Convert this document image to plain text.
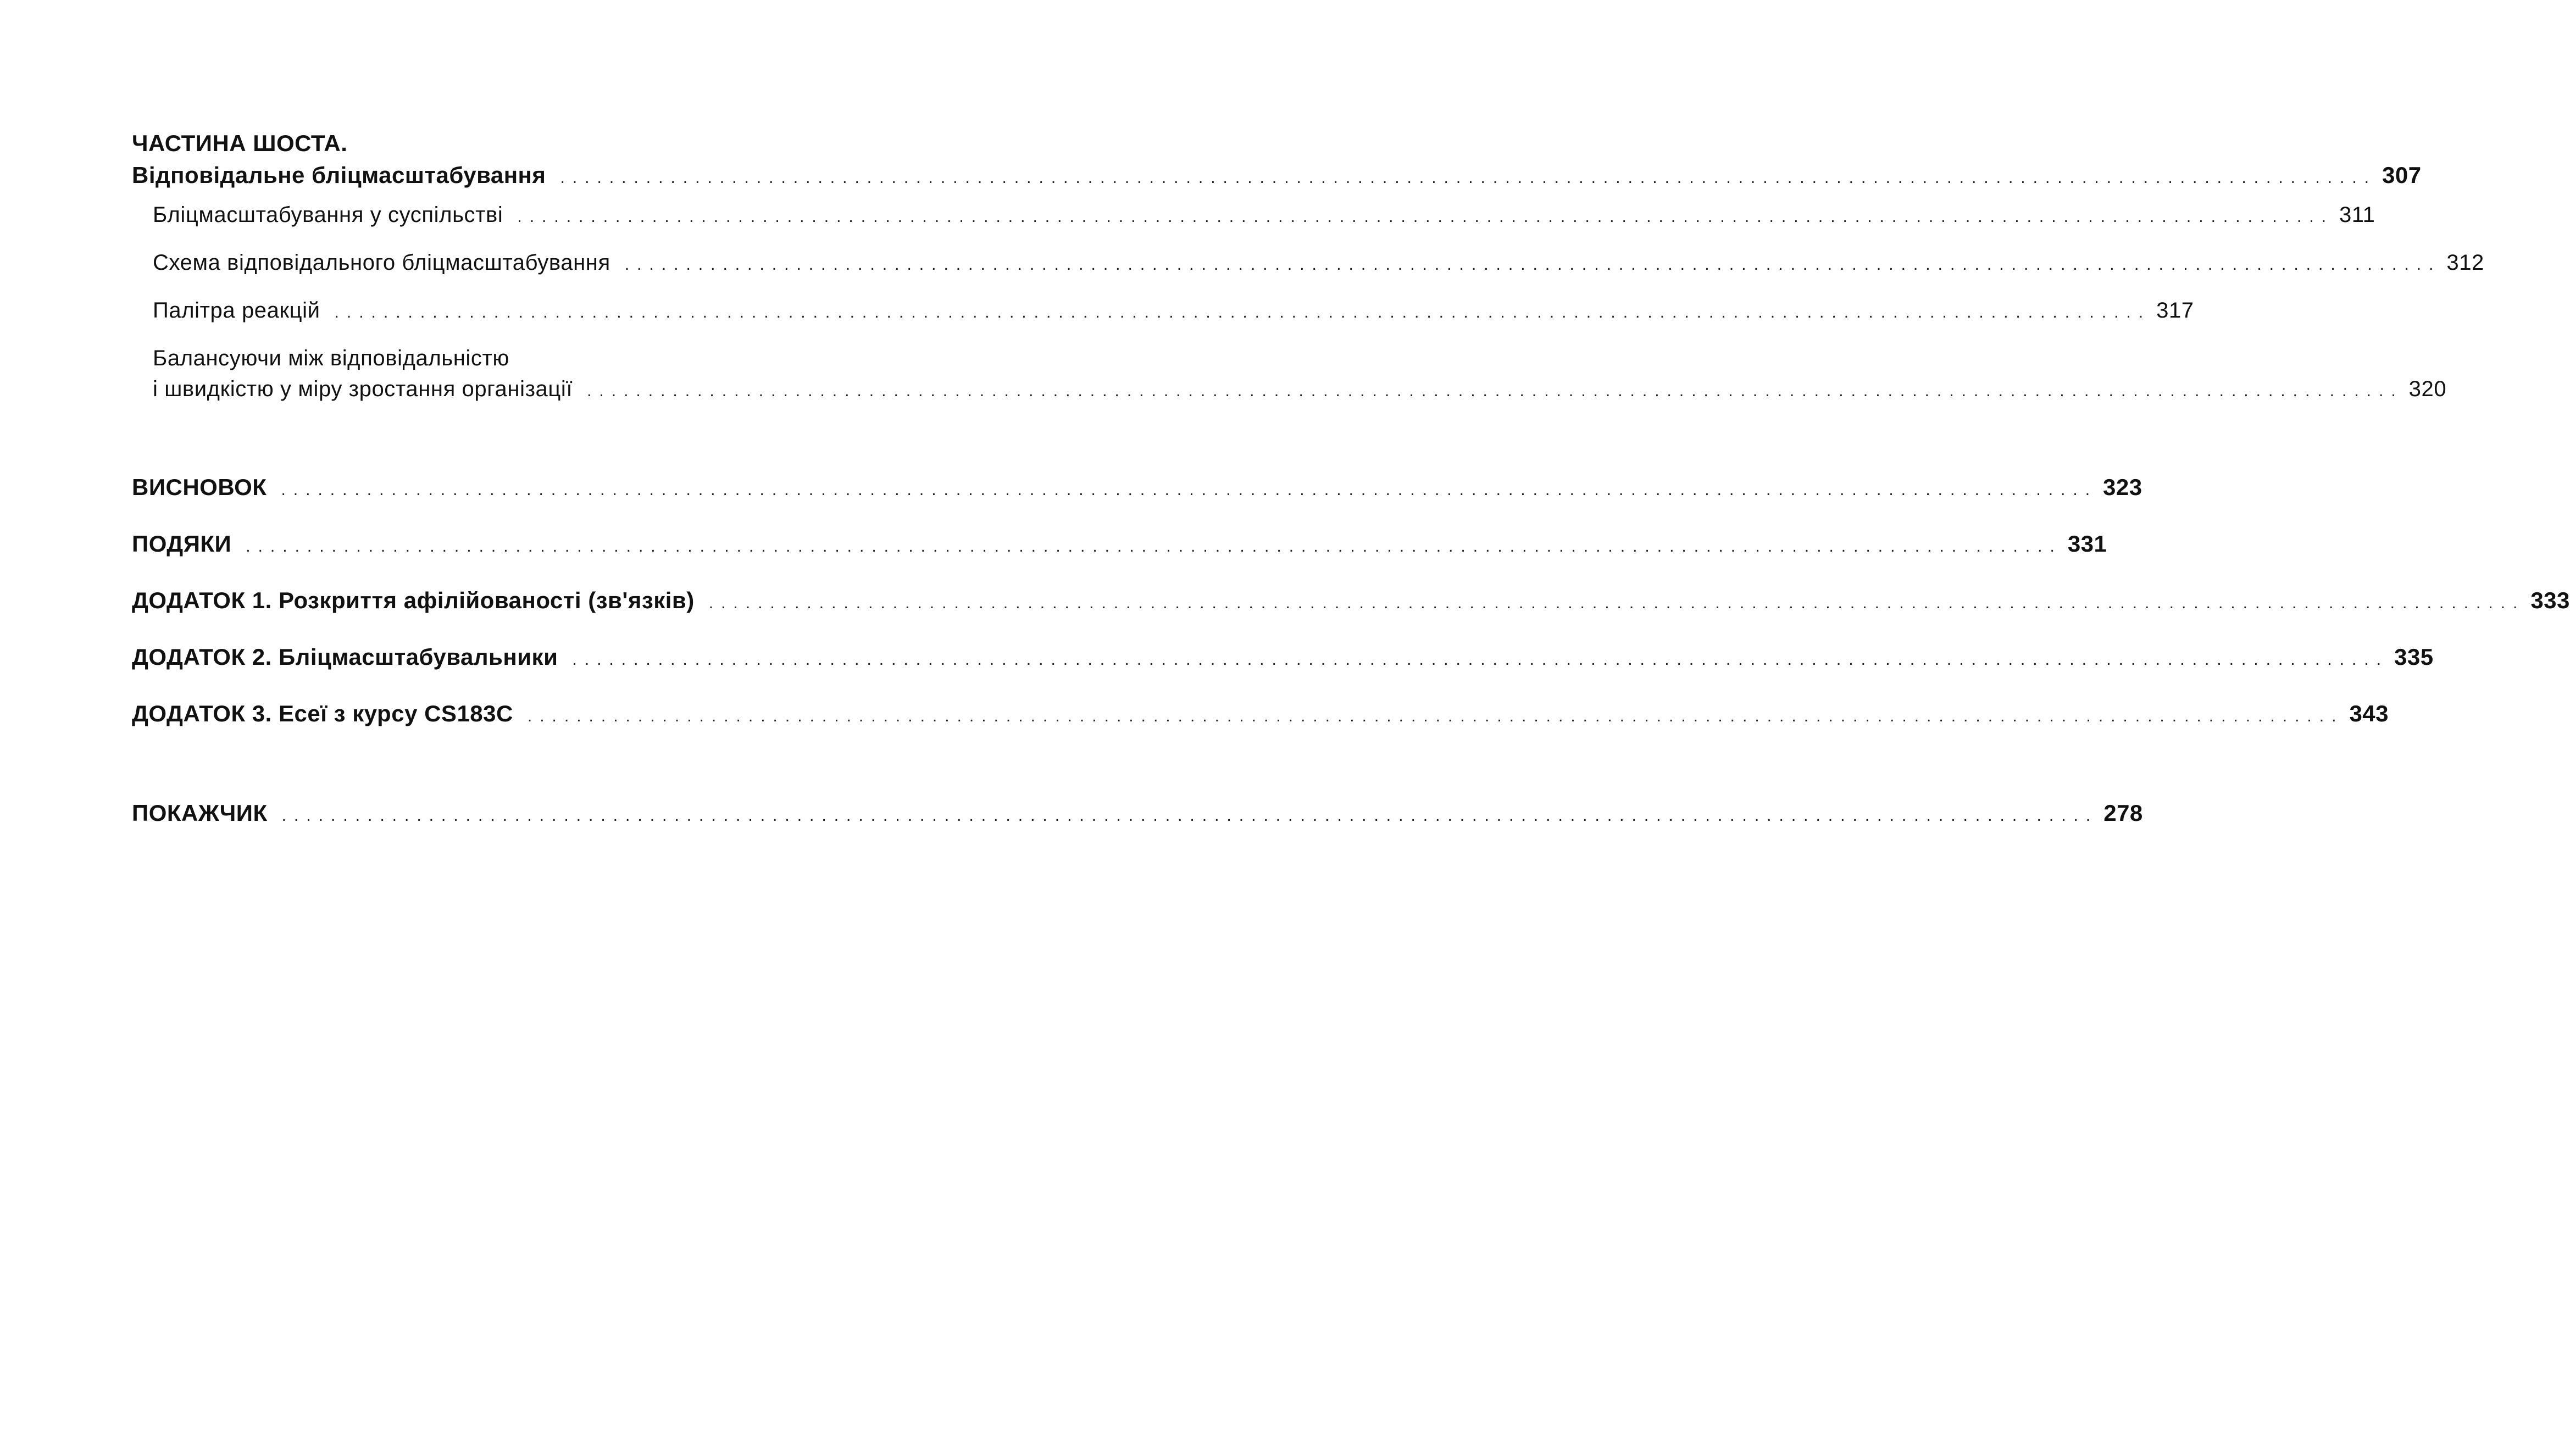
ЧАСТИНА ШОСТА.

Відповідальне бліцмасштабування .................................................................................................................................................... 307
Бліцмасштабування у суспільстві .................................................................................................................................................... 311
Схема відповідального бліцмасштабування .................................................................................................................................................... 312
Палітра реакцій .................................................................................................................................................... 317
Балансуючи між відповідальністю
і швидкістю у міру зростання організації .................................................................................................................................................... 320
ВИСНОВОК .................................................................................................................................................... 323
ПОДЯКИ .................................................................................................................................................... 331
ДОДАТОК 1. Розкриття афілійованості (зв'язків) .................................................................................................................................................... 333
ДОДАТОК 2. Бліцмасштабувальники .................................................................................................................................................... 335
ДОДАТОК 3. Есеї з курсу CS183C .................................................................................................................................................... 343
ПОКАЖЧИК .................................................................................................................................................... 278
